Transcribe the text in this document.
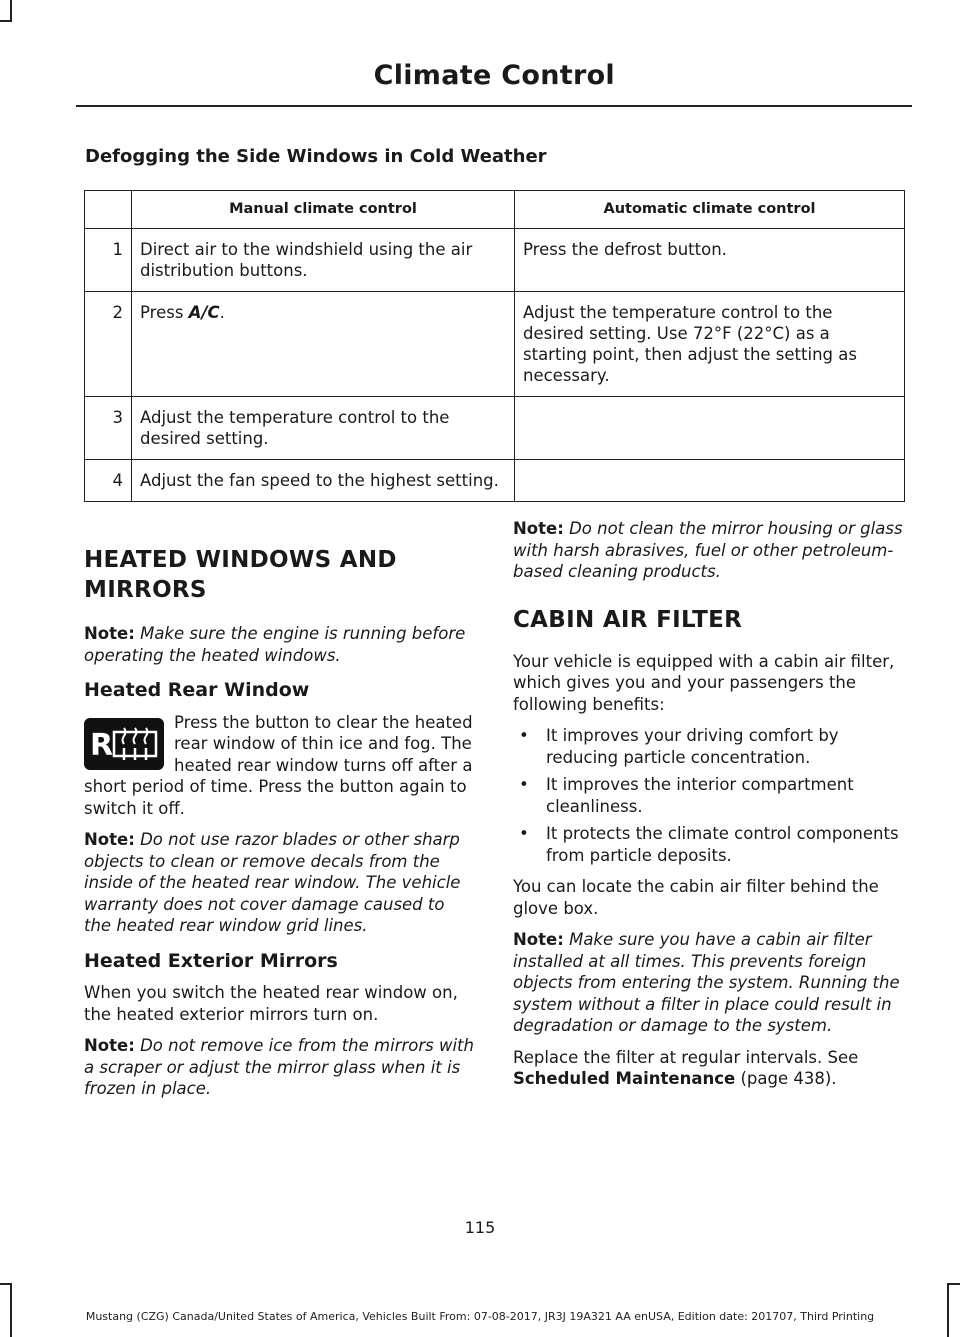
Climate Control
Defogging the Side Windows in Cold Weather
	Manual climate control	Automatic climate control
1	Direct air to the windshield using the air distribution buttons.	Press the defrost button.
2	Press A/C.	Adjust the temperature control to the desired setting. Use 72°F (22°C) as a starting point, then adjust the setting as necessary.
3	Adjust the temperature control to the desired setting.	
4	Adjust the fan speed to the highest setting.	
HEATED WINDOWS AND
MIRRORS

Note: Make sure the engine is running before operating the heated windows.

Heated Rear Window

R
Press the button to clear the heated rear window of thin ice and fog. The heated rear window turns off after a short period of time. Press the button again to switch it off.

Note: Do not use razor blades or other sharp objects to clean or remove decals from the inside of the heated rear window. The vehicle warranty does not cover damage caused to the heated rear window grid lines.

Heated Exterior Mirrors

When you switch the heated rear window on, the heated exterior mirrors turn on.

Note: Do not remove ice from the mirrors with a scraper or adjust the mirror glass when it is frozen in place.

Note: Do not clean the mirror housing or glass with harsh abrasives, fuel or other petroleum-based cleaning products.

CABIN AIR FILTER

Your vehicle is equipped with a cabin air filter, which gives you and your passengers the following benefits:

• It improves your driving comfort by reducing particle concentration.
• It improves the interior compartment cleanliness.
• It protects the climate control components from particle deposits.

You can locate the cabin air filter behind the glove box.

Note: Make sure you have a cabin air filter installed at all times. This prevents foreign objects from entering the system. Running the system without a filter in place could result in degradation or damage to the system.

Replace the filter at regular intervals. See Scheduled Maintenance (page 438).

115
Mustang (CZG) Canada/United States of America, Vehicles Built From: 07-08-2017, JR3J 19A321 AA enUSA, Edition date: 201707, Third Printing
